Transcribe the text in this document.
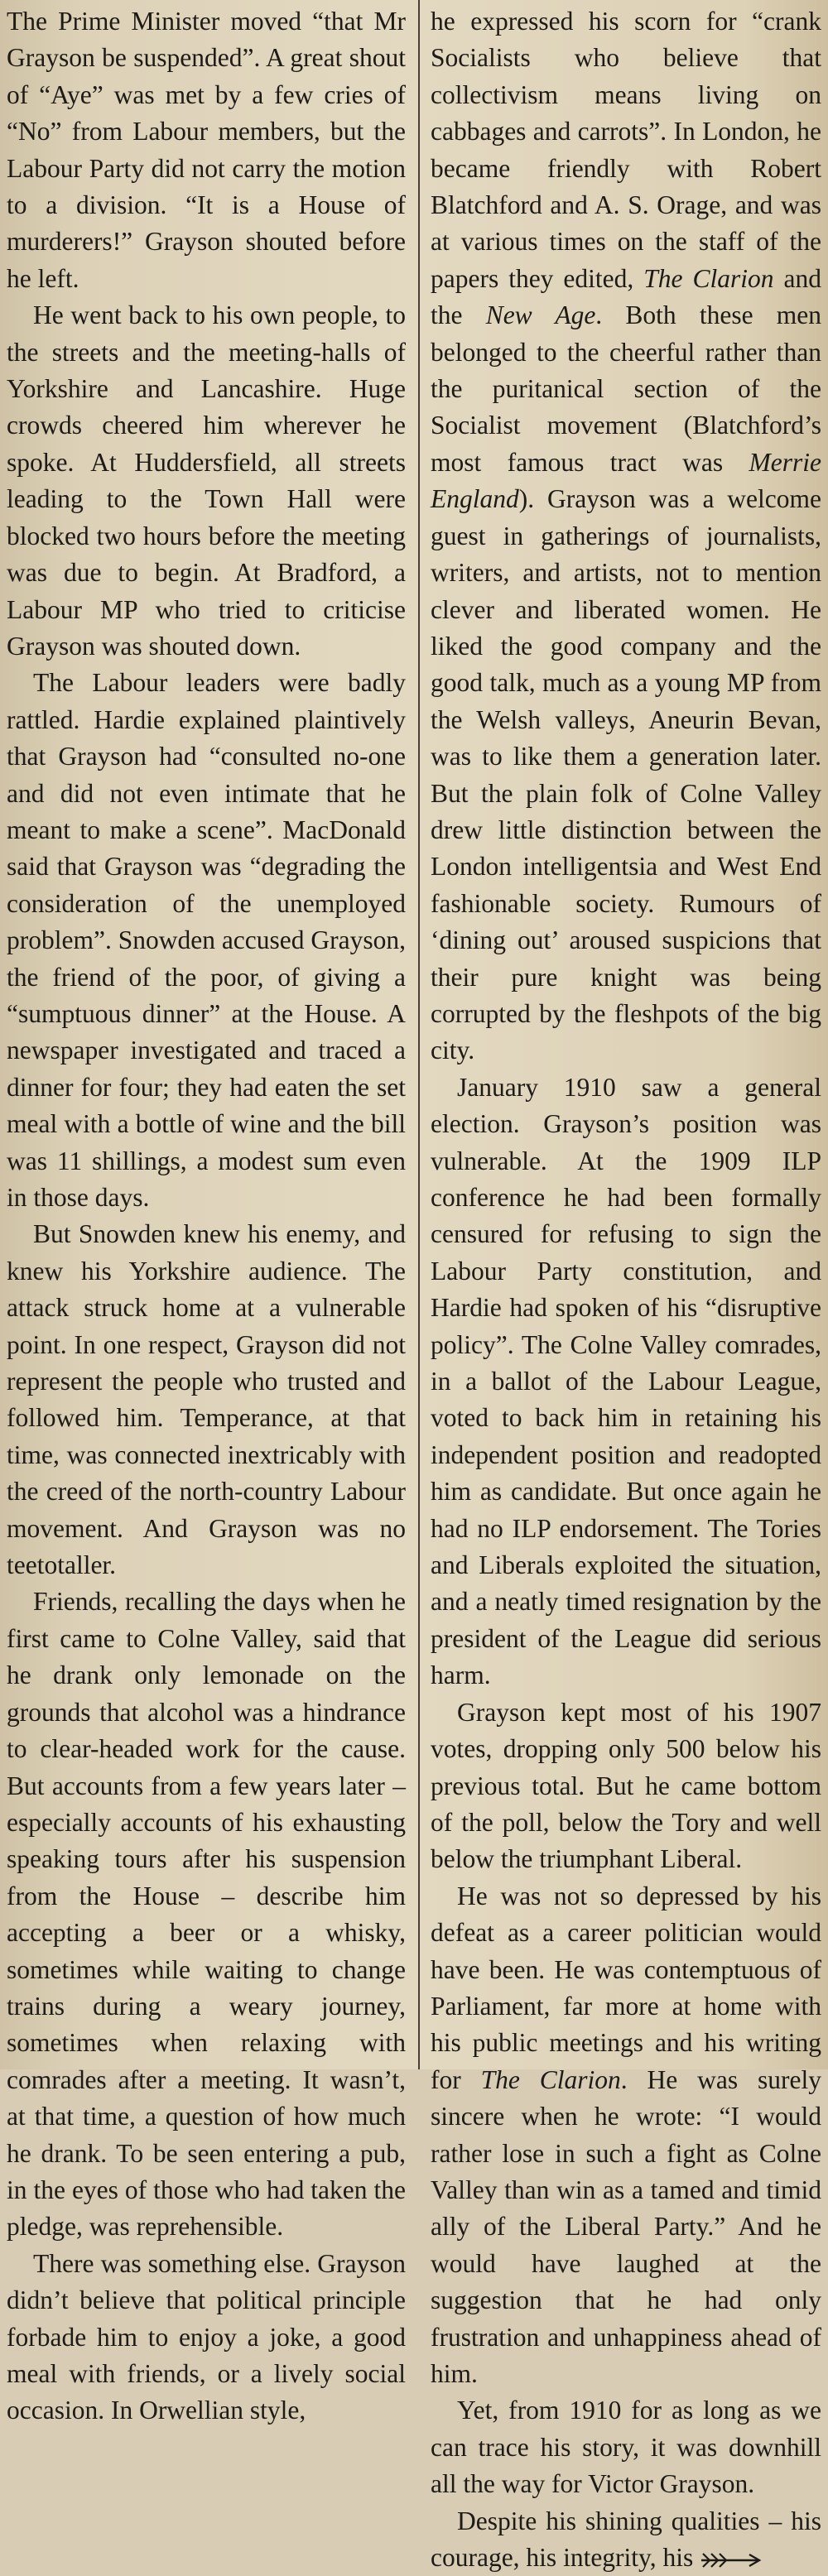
The Prime Minister moved “that Mr Grayson be suspended”. A great shout of “Aye” was met by a few cries of “No” from Labour members, but the Labour Party did not carry the motion to a division. “It is a House of murderers!” Grayson shouted before he left.

He went back to his own people, to the streets and the meeting-halls of Yorkshire and Lancashire. Huge crowds cheered him wherever he spoke. At Huddersfield, all streets leading to the Town Hall were blocked two hours before the meeting was due to begin. At Bradford, a Labour MP who tried to criticise Grayson was shouted down.

The Labour leaders were badly rattled. Hardie explained plaintively that Grayson had “consulted no-one and did not even intimate that he meant to make a scene”. MacDonald said that Grayson was “degrading the consideration of the unemployed problem”. Snowden accused Grayson, the friend of the poor, of giving a “sumptuous dinner” at the House. A newspaper investigated and traced a dinner for four; they had eaten the set meal with a bottle of wine and the bill was 11 shillings, a modest sum even in those days.

But Snowden knew his enemy, and knew his Yorkshire audience. The attack struck home at a vulnerable point. In one respect, Grayson did not represent the people who trusted and followed him. Temperance, at that time, was connected inextricably with the creed of the north-country Labour movement. And Grayson was no teetotaller.

Friends, recalling the days when he first came to Colne Valley, said that he drank only lemonade on the grounds that alcohol was a hindrance to clear-headed work for the cause. But accounts from a few years later – especially accounts of his exhausting speaking tours after his suspension from the House – describe him accepting a beer or a whisky, sometimes while waiting to change trains during a weary journey, sometimes when relaxing with comrades after a meeting. It wasn’t, at that time, a question of how much he drank. To be seen entering a pub, in the eyes of those who had taken the pledge, was reprehensible.

There was something else. Grayson didn’t believe that political principle forbade him to enjoy a joke, a good meal with friends, or a lively social occasion. In Orwellian style,

he expressed his scorn for “crank Socialists who believe that collectivism means living on cabbages and carrots”. In London, he became friendly with Robert Blatchford and A. S. Orage, and was at various times on the staff of the papers they edited, The Clarion and the New Age. Both these men belonged to the cheerful rather than the puritanical section of the Socialist movement (Blatchford’s most famous tract was Merrie England). Grayson was a welcome guest in gatherings of journalists, writers, and artists, not to mention clever and liberated women. He liked the good company and the good talk, much as a young MP from the Welsh valleys, Aneurin Bevan, was to like them a generation later. But the plain folk of Colne Valley drew little distinction between the London intelligentsia and West End fashionable society. Rumours of ‘dining out’ aroused suspicions that their pure knight was being corrupted by the fleshpots of the big city.

January 1910 saw a general election. Grayson’s position was vulnerable. At the 1909 ILP conference he had been formally censured for refusing to sign the Labour Party constitution, and Hardie had spoken of his “disruptive policy”. The Colne Valley comrades, in a ballot of the Labour League, voted to back him in retaining his independent position and readopted him as candidate. But once again he had no ILP endorsement. The Tories and Liberals exploited the situation, and a neatly timed resignation by the president of the League did serious harm.

Grayson kept most of his 1907 votes, dropping only 500 below his previous total. But he came bottom of the poll, below the Tory and well below the triumphant Liberal.

He was not so depressed by his defeat as a career politician would have been. He was contemptuous of Parliament, far more at home with his public meetings and his writing for The Clarion. He was surely sincere when he wrote: “I would rather lose in such a fight as Colne Valley than win as a tamed and timid ally of the Liberal Party.” And he would have laughed at the suggestion that he had only frustration and unhappiness ahead of him.

Yet, from 1910 for as long as we can trace his story, it was downhill all the way for Victor Grayson.

Despite his shining qualities – his courage, his integrity, his
